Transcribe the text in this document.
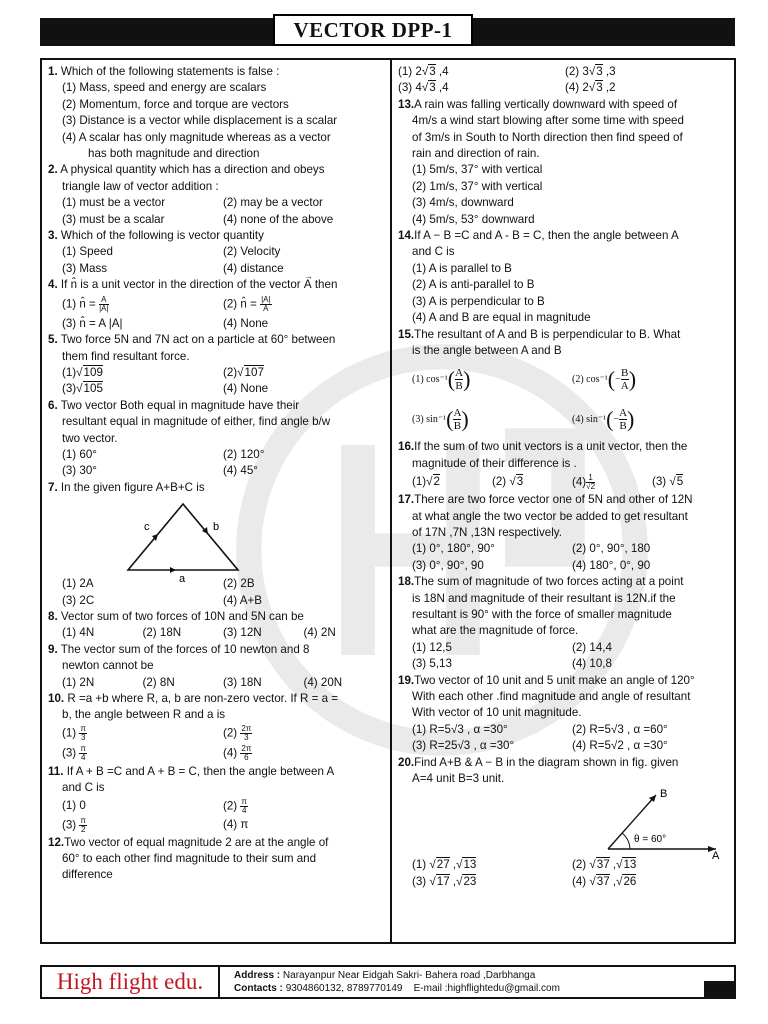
VECTOR DPP-1
1. Which of the following statements is false :
(1) Mass, speed and energy are scalars
(2) Momentum, force and torque are vectors
(3) Distance is a vector while displacement is a scalar
(4) A scalar has only magnitude whereas as a vector
has both magnitude and direction
2. A physical quantity which has a direction and obeys
triangle law of vector addition :
(1) must be a vector	(2) may be a vector
(3) must be a scalar	(4) none of the above
3. Which of the following is vector quantity
(1) Speed	(2) Velocity
(3) Mass	(4) distance
4. If n̂ is a unit vector in the direction of the vector → A then
(1) n̂ = $\frac{A}{|A|}$	(2) n̂ = $\frac{|A|}{A}$
(3) n̂ = A |A|	(4) None
5. Two force 5N and 7N act on a particle at 60° between
them find resultant force.
(1)√109	(2)√107
(3)√105	(4) None
6. Two vector Both equal in magnitude have their
resultant equal in magnitude of either, find angle b/w
two vector.
(1) 60°	(2) 120°
(3) 30°	(4) 45°
7. In the given figure A+B+C is
c	b
a
(1) 2A	(2) 2B
(3) 2C	(4) A+B
8. Vector sum of two forces of 10N and 5N can be
(1) 4N	(2) 18N	(3) 12N	(4) 2N
9. The vector sum of the forces of 10 newton and 8
newton cannot be
(1) 2N	(2) 8N	(3) 18N	(4) 20N
10. R =a +b where R, a, b are non-zero vector. If R = a =
b, the angle between R and a is
$(1) \frac{\pi}{3}$	$(2) \frac{2\pi}{3}$
$(3) \frac{\pi}{4}$	$(4) \frac{2\pi}{6}$
11. If A + B =C and A + B = C, then the angle between A
and C is
(1) 0	$(2) \frac{\pi}{4}$
$(3) \frac{\pi}{2}$	(4) π
12.Two vector of equal magnitude 2 are at the angle of
60° to each other find magnitude to their sum and
difference
(1) 2√3 ,4	(2) 3√3 ,3
(3) 4√3 ,4	(4) 2√3 ,2
13.A rain was falling vertically downward with speed of
4m/s a wind start blowing after some time with speed
of 3m/s in South to North direction then find speed of
rain and direction of rain.
(1) 5m/s, 37° with vertical
(2) 1m/s, 37° with vertical
(3) 4m/s, downward
(4) 5m/s, 53° downward
14.If A − B =C and A - B = C, then the angle between A
and C is
(1) A is parallel to B
(2) A is anti-parallel to B
(3) A is perpendicular to B
(4) A and B are equal in magnitude
15.The resultant of A and B is perpendicular to B. What
is the angle between A and B
(1) $\cos^{-1}( \frac{A}{B})$	(2) $\cos^{-1}(- \frac{B}{A})$
(3) $\sin^{-1}( \frac{A}{B})$	(4) $\sin^{-1}(- \frac{A}{B})$
16.If the sum of two unit vectors is a unit vector, then the
magnitude of their difference is .
(1)√2	(2) √3	$(4) \frac{1}{√2}$	(3) √5
17.There are two force vector one of 5N and other of 12N
at what angle the two vector be added to get resultant
of 17N ,7N ,13N respectively.
(1) 0°, 180°, 90°	(2) 0°, 90°, 180
(3) 0°, 90°, 90	(4) 180°, 0°, 90
18.The sum of magnitude of two forces acting at a point
is 18N and magnitude of their resultant is 12N.if the
resultant is 90° with the force of smaller magnitude
what are the magnitude of force.
(1) 12,5	(2) 14,4
(3) 5,13	(4) 10,8
19.Two vector of 10 unit and 5 unit make an angle of 120°
With each other .find magnitude and angle of resultant
With vector of 10 unit magnitude.
(1) R=5√3 , α =30°	(2) R=5√3 , α =60°
(3) R=25√3 , α =30°	(4) R=5√2 , α =30°
20.Find A+B & A − B in the diagram shown in fig. given
A=4 unit B=3 unit.
B
A
θ = 60°
(1) √27 ,√13	(2) √37 ,√13
(3) √17 ,√23	(4) √37 ,√26
High flight edu.	Address : Narayanpur Near Eidgah Sakri- Bahera road ,Darbhanga
Contacts : 9304860132, 8789770149 E-mail :highflightedu@gmail.com
